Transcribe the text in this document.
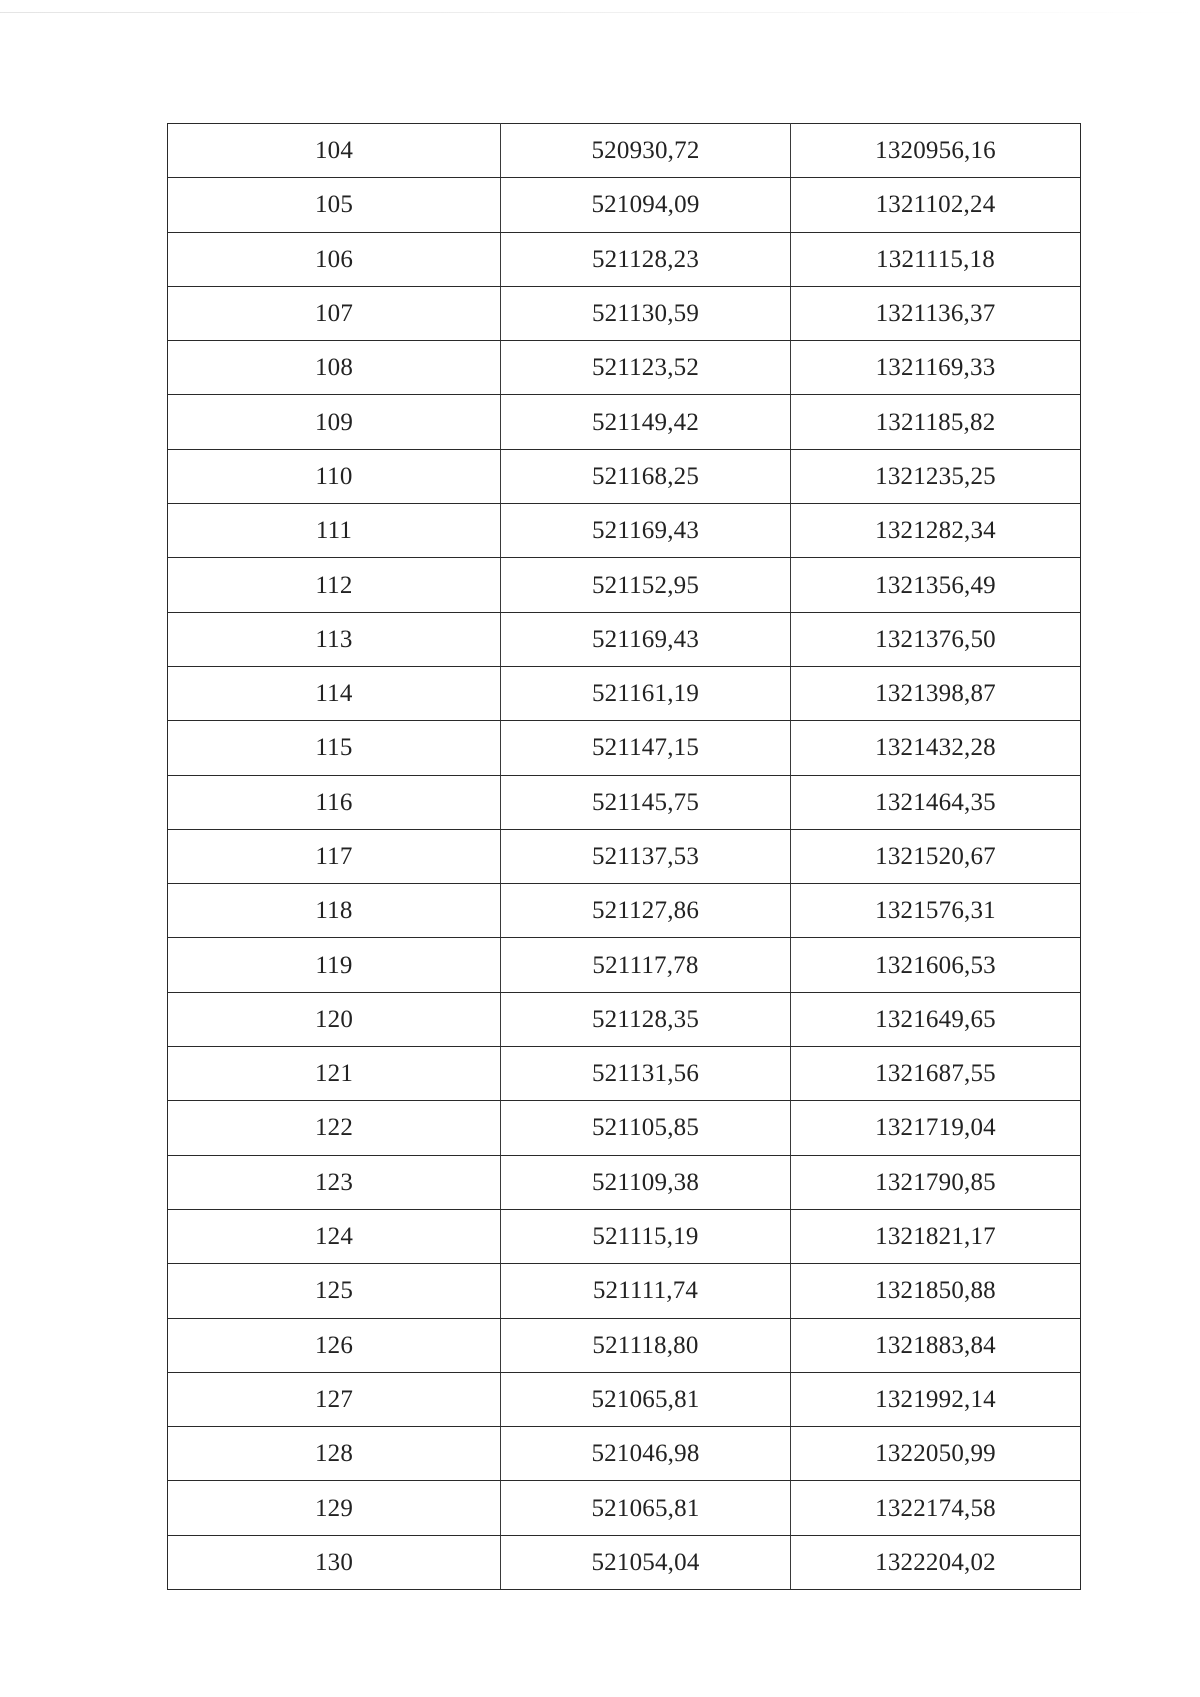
104	520930,72	1320956,16
105	521094,09	1321102,24
106	521128,23	1321115,18
107	521130,59	1321136,37
108	521123,52	1321169,33
109	521149,42	1321185,82
110	521168,25	1321235,25
111	521169,43	1321282,34
112	521152,95	1321356,49
113	521169,43	1321376,50
114	521161,19	1321398,87
115	521147,15	1321432,28
116	521145,75	1321464,35
117	521137,53	1321520,67
118	521127,86	1321576,31
119	521117,78	1321606,53
120	521128,35	1321649,65
121	521131,56	1321687,55
122	521105,85	1321719,04
123	521109,38	1321790,85
124	521115,19	1321821,17
125	521111,74	1321850,88
126	521118,80	1321883,84
127	521065,81	1321992,14
128	521046,98	1322050,99
129	521065,81	1322174,58
130	521054,04	1322204,02
